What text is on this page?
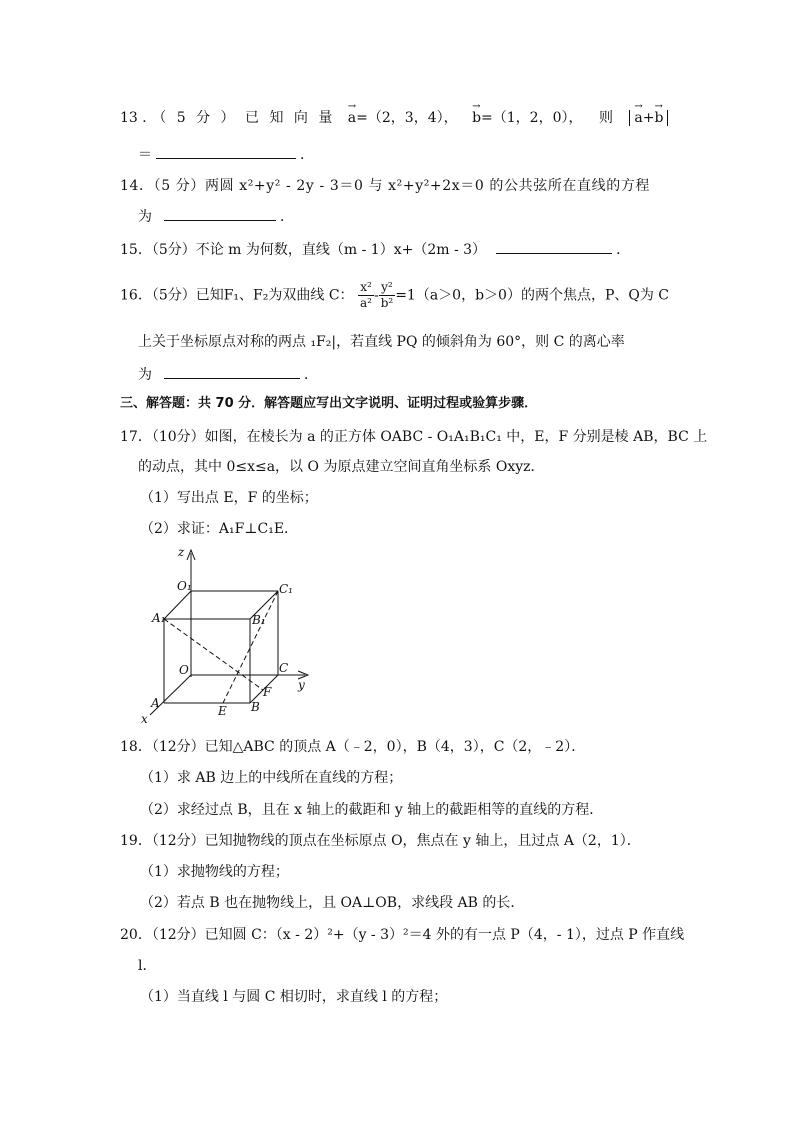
13 ．（ 5 分 ） 已 知 向 量 → a=（2，3，4）， → b=（1，2，0）， 则 → a+→ b
＝	．
14．（5 分）两圆 x²+y² - 2y - 3＝0 与 x²+y²+2x＝0 的公共弦所在直线的方程
为	．
15．（5分）不论 m 为何数，直线（m - 1）x+（2m - 3）	．
16．（5分）已知F₁、F₂为双曲线 C： $\frac{\text{x²}}{\text{a²}} - \frac{\text{y²}}{\text{b²}} =1(a>0$，b＞0）的两个焦点，P、Q为 C
上关于坐标原点对称的两点 ₁F₂|，若直线 PQ 的倾斜角为 60°，则 C 的离心率
为	．
三、解答题：共 70 分．解答题应写出文字说明、证明过程或验算步骤．
17．（10分）如图，在棱长为 a 的正方体 OABC - O₁A₁B₁C₁ 中，E，F 分别是棱 AB，BC 上
的动点，其中 0≤x≤a，以 O 为原点建立空间直角坐标系 Oxyz．
（1）写出点 E，F 的坐标；
（2）求证：A₁F⊥C₁E．
z
O₁	C₁
A₁	B₁
O	C
y
A
F
E B
x
18．（12分）已知△ABC 的顶点 A（﹣2，0），B（4，3），C（2，﹣2）．
（1）求 AB 边上的中线所在直线的方程；
（2）求经过点 B，且在 x 轴上的截距和 y 轴上的截距相等的直线的方程．
19．（12分）已知抛物线的顶点在坐标原点 O，焦点在 y 轴上，且过点 A（2，1）．
（1）求抛物线的方程；
（2）若点 B 也在抛物线上，且 OA⊥OB，求线段 AB 的长．
20．（12分）已知圆 C：（x - 2）²+（y - 3）²＝4 外的有一点 P（4，- 1），过点 P 作直线
l．
（1）当直线 l 与圆 C 相切时，求直线 l 的方程；
